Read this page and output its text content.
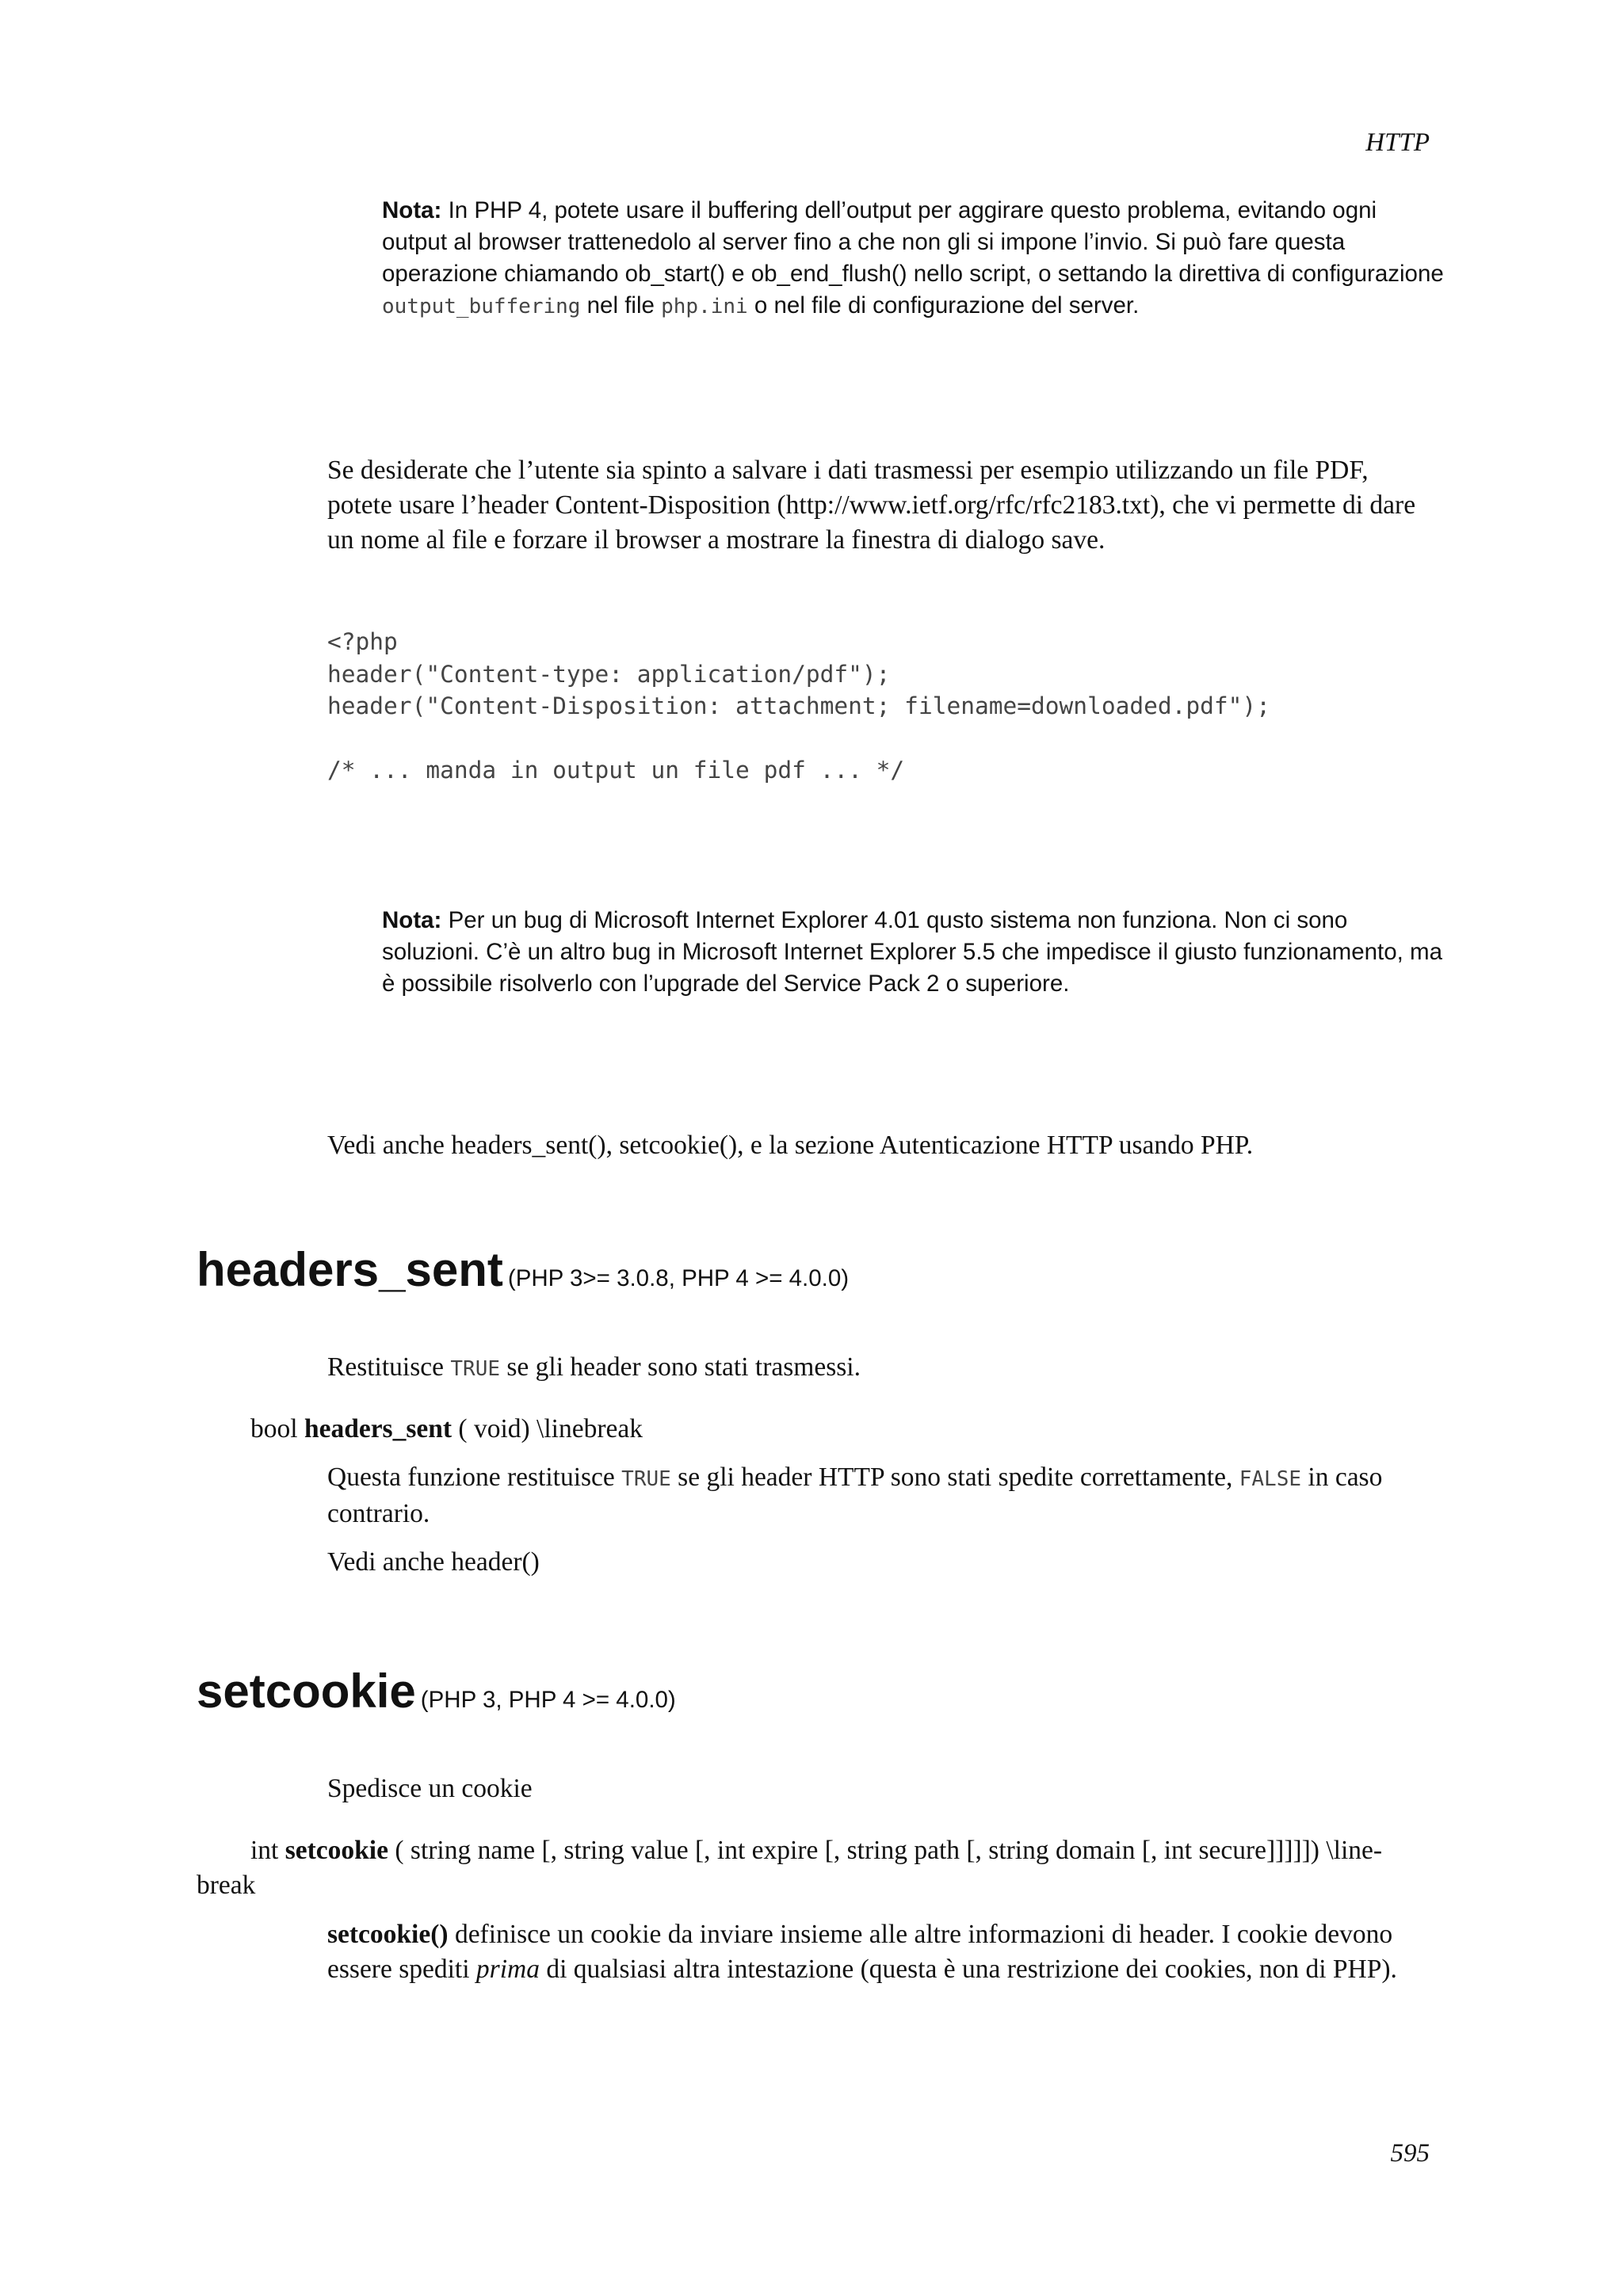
HTTP
Nota: In PHP 4, potete usare il buffering dell’output per aggirare questo problema, evitando ogni output al browser trattenedolo al server fino a che non gli si impone l’invio. Si può fare questa operazione chiamando ob_start() e ob_end_flush() nello script, o settando la direttiva di configurazione output_buffering nel file php.ini o nel file di configurazione del server.
Se desiderate che l’utente sia spinto a salvare i dati trasmessi per esempio utilizzando un file PDF, potete usare l’header Content-Disposition (http://www.ietf.org/rfc/rfc2183.txt), che vi permette di dare un nome al file e forzare il browser a mostrare la finestra di dialogo save.
<?php
header("Content-type: application/pdf");
header("Content-Disposition: attachment; filename=downloaded.pdf");
/* ... manda in output un file pdf ... */
Nota: Per un bug di Microsoft Internet Explorer 4.01 qusto sistema non funziona. Non ci sono soluzioni. C’è un altro bug in Microsoft Internet Explorer 5.5 che impedisce il giusto funzionamento, ma è possibile risolverlo con l’upgrade del Service Pack 2 o superiore.
Vedi anche headers_sent(), setcookie(), e la sezione Autenticazione HTTP usando PHP.
headers_sent (PHP 3>= 3.0.8, PHP 4 >= 4.0.0)
Restituisce TRUE se gli header sono stati trasmessi.
bool headers_sent ( void) \linebreak
Questa funzione restituisce TRUE se gli header HTTP sono stati spedite correttamente, FALSE in caso contrario.
Vedi anche header()
setcookie (PHP 3, PHP 4 >= 4.0.0)
Spedisce un cookie
int setcookie ( string name [, string value [, int expire [, string path [, string domain [, int secure]]]]]) \line-
break
setcookie() definisce un cookie da inviare insieme alle altre informazioni di header. I cookie devono essere spediti prima di qualsiasi altra intestazione (questa è una restrizione dei cookies, non di PHP).
595
